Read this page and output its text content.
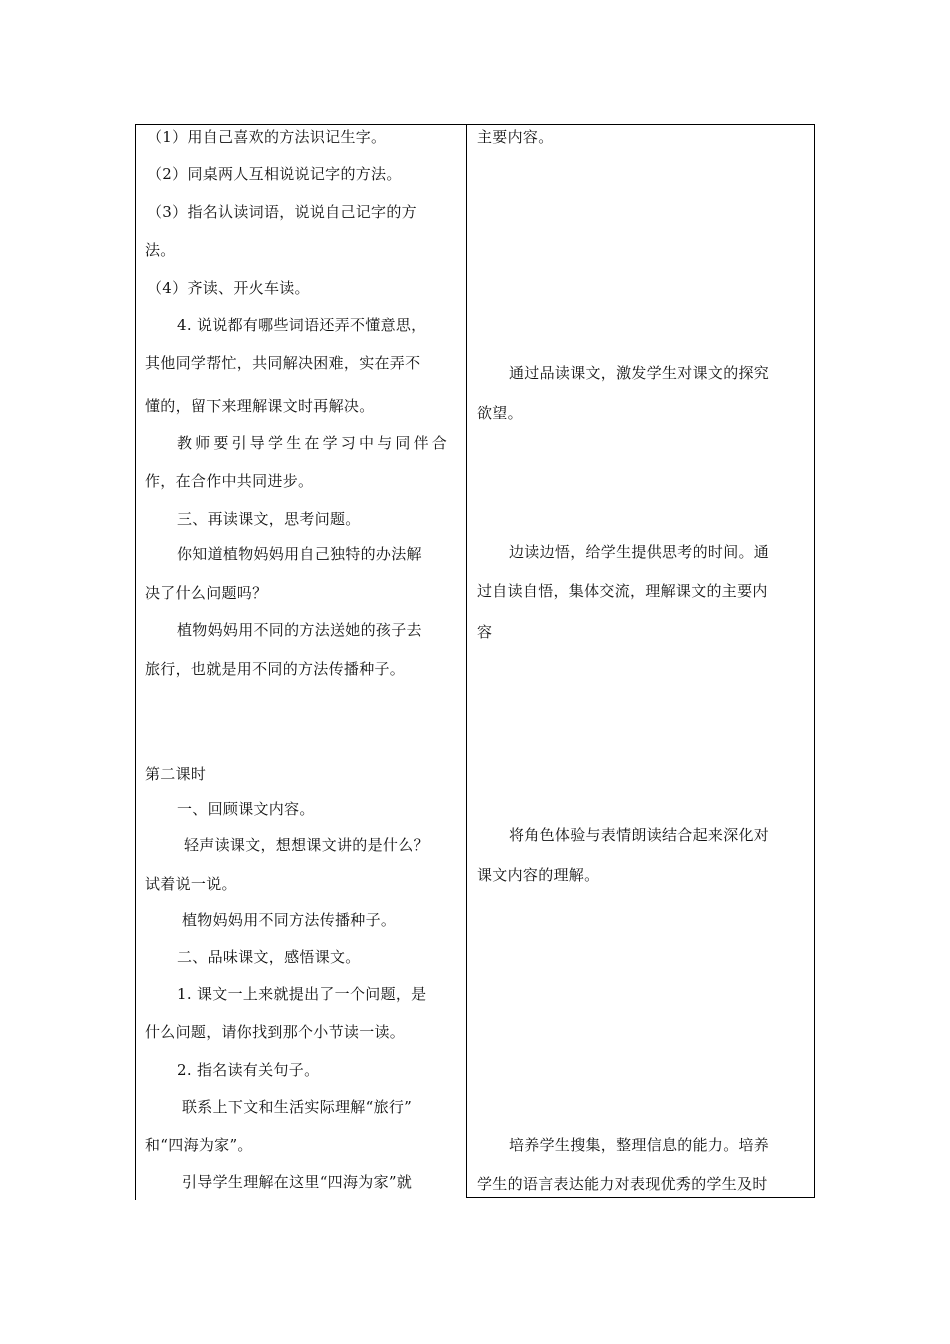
（1）用自己喜欢的方法识记生字。
（2）同桌两人互相说说记字的方法。
（3）指名认读词语，说说自己记字的方
法。
（4）齐读、开火车读。
4. 说说都有哪些词语还弄不懂意思，
其他同学帮忙，共同解决困难，实在弄不
懂的，留下来理解课文时再解决。
教师要引导学生在学习中与同伴合
作，在合作中共同进步。
三、再读课文，思考问题。
你知道植物妈妈用自己独特的办法解
决了什么问题吗？
植物妈妈用不同的方法送她的孩子去
旅行，也就是用不同的方法传播种子。
第二课时
一、回顾课文内容。
轻声读课文，想想课文讲的是什么？
试着说一说。
植物妈妈用不同方法传播种子。
二、品味课文，感悟课文。
1. 课文一上来就提出了一个问题，是
什么问题，请你找到那个小节读一读。
2. 指名读有关句子。
联系上下文和生活实际理解“旅行”
和“四海为家”。
引导学生理解在这里“四海为家”就
主要内容。
通过品读课文，激发学生对课文的探究
欲望。
边读边悟，给学生提供思考的时间。通
过自读自悟，集体交流，理解课文的主要内
容
将角色体验与表情朗读结合起来深化对
课文内容的理解。
培养学生搜集，整理信息的能力。培养
学生的语言表达能力对表现优秀的学生及时
